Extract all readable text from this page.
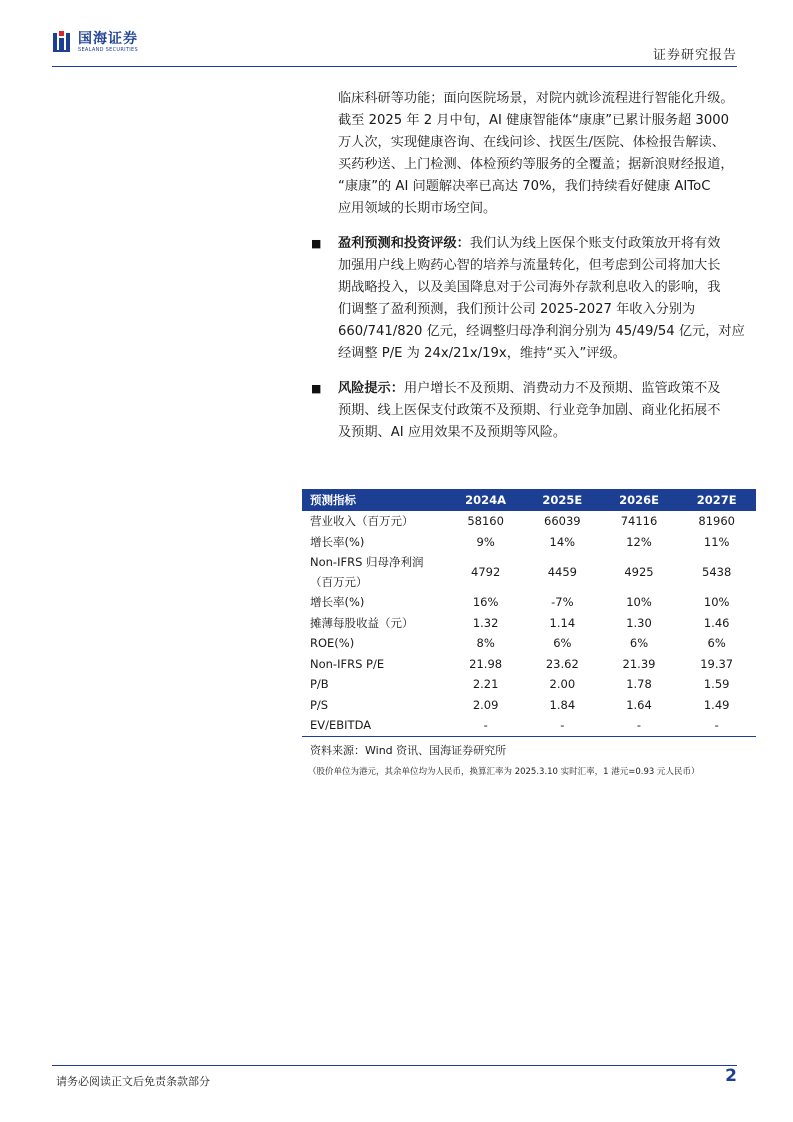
国海证券
SEALAND SECURITIES	证券研究报告
临床科研等功能；面向医院场景，对院内就诊流程进行智能化升级。
截至 2025 年 2 月中旬，AI 健康智能体“康康”已累计服务超 3000
万人次，实现健康咨询、在线问诊、找医生/医院、体检报告解读、
买药秒送、上门检测、体检预约等服务的全覆盖；据新浪财经报道，
“康康”的 AI 问题解决率已高达 70%，我们持续看好健康 AIToC
应用领域的长期市场空间。
■ 盈利预测和投资评级：我们认为线上医保个账支付政策放开将有效
加强用户线上购药心智的培养与流量转化，但考虑到公司将加大长
期战略投入，以及美国降息对于公司海外存款利息收入的影响，我
们调整了盈利预测，我们预计公司 2025-2027 年收入分别为
660/741/820 亿元，经调整归母净利润分别为 45/49/54 亿元，对应
经调整 P/E 为 24x/21x/19x，维持“买入”评级。
■ 风险提示：用户增长不及预期、消费动力不及预期、监管政策不及
预期、线上医保支付政策不及预期、行业竞争加剧、商业化拓展不
及预期、AI 应用效果不及预期等风险。
预测指标	2024A	2025E	2026E	2027E
营业收入（百万元）	58160	66039	74116	81960
增长率(%)	9%	14%	12%	11%

Non-IFRS 归母净利润
（百万元）	4792	4459	4925	5438
增长率(%)	16%	-7%	10%	10%
摊薄每股收益（元）	1.32	1.14	1.30	1.46
ROE(%)	8%	6%	6%	6%
Non-IFRS P/E	21.98	23.62	21.39	19.37
P/B	2.21	2.00	1.78	1.59
P/S	2.09	1.84	1.64	1.49
EV/EBITDA	-	-	-	-
资料来源：Wind 资讯、国海证券研究所
（股价单位为港元，其余单位均为人民币，换算汇率为 2025.3.10 实时汇率，1 港元=0.93 元人民币）
请务必阅读正文后免责条款部分	2
